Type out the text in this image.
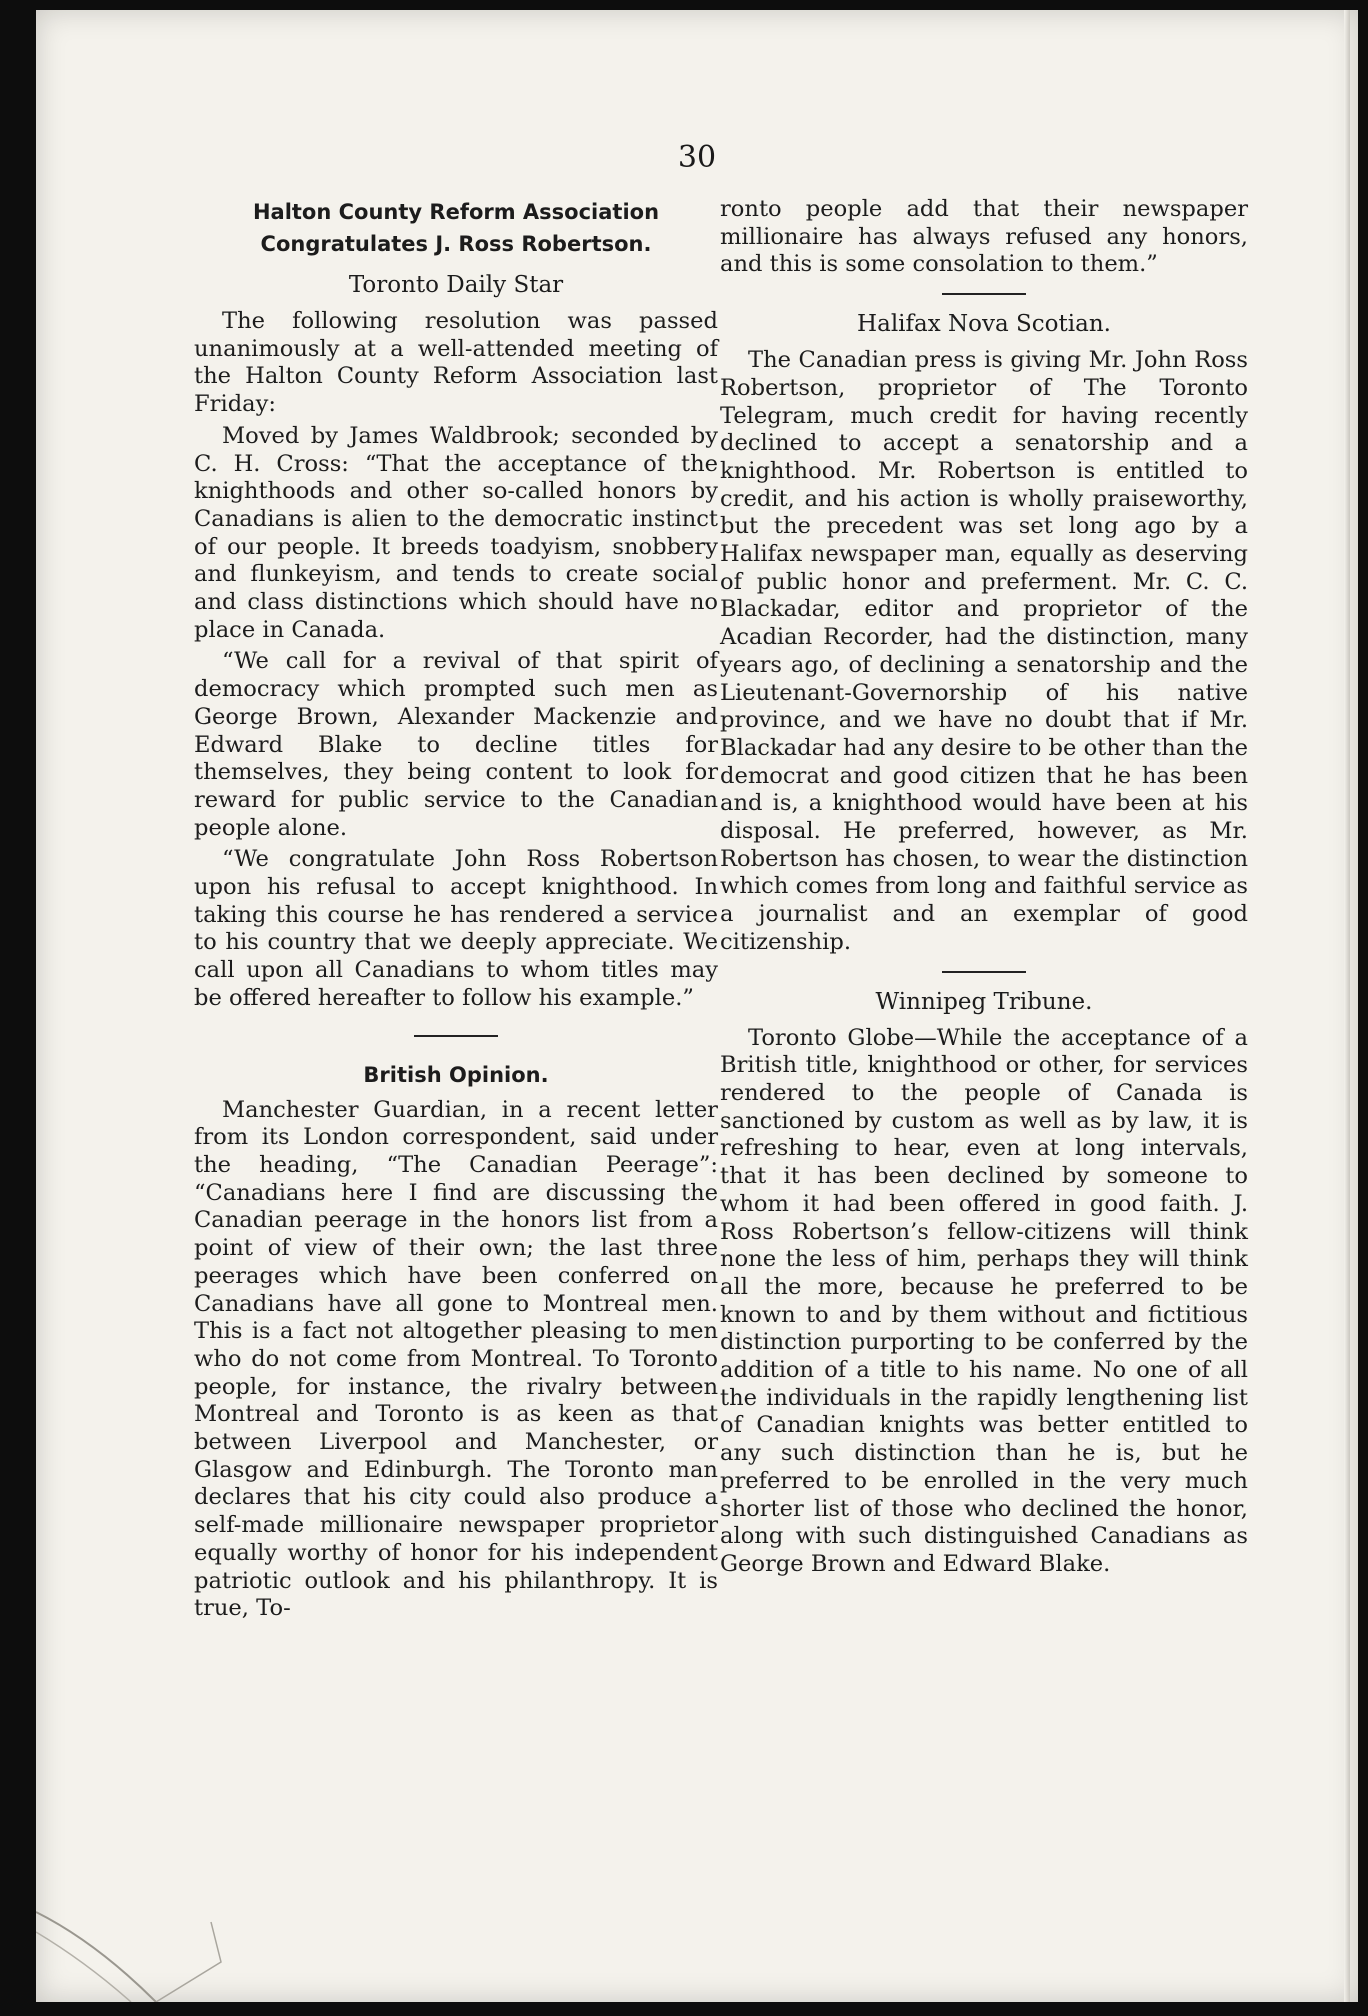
30
Halton County Reform Association
Congratulates J. Ross Robertson.
Toronto Daily Star

The following resolution was passed unanimously at a well-attended meeting of the Halton County Reform Association last Friday:

Moved by James Waldbrook; seconded by C. H. Cross: “That the acceptance of the knighthoods and other so-called honors by Canadians is alien to the democratic instinct of our people. It breeds toadyism, snobbery and flunkeyism, and tends to create social and class distinctions which should have no place in Canada.

“We call for a revival of that spirit of democracy which prompted such men as George Brown, Alexander Mackenzie and Edward Blake to decline titles for themselves, they being content to look for reward for public service to the Canadian people alone.

“We congratulate John Ross Robertson upon his refusal to accept knighthood. In taking this course he has rendered a service to his country that we deeply appreciate. We call upon all Canadians to whom titles may be offered hereafter to follow his example.”

British Opinion.

Manchester Guardian, in a recent letter from its London correspondent, said under the heading, “The Canadian Peerage”: “Canadians here I find are discussing the Canadian peerage in the honors list from a point of view of their own; the last three peerages which have been conferred on Canadians have all gone to Montreal men. This is a fact not altogether pleasing to men who do not come from Montreal. To Toronto people, for instance, the rivalry between Montreal and Toronto is as keen as that between Liverpool and Manchester, or Glasgow and Edinburgh. The Toronto man declares that his city could also produce a self-made millionaire newspaper proprietor equally worthy of honor for his independent patriotic outlook and his philanthropy. It is true, To-

ronto people add that their newspaper millionaire has always refused any honors, and this is some consolation to them.”

Halifax Nova Scotian.

The Canadian press is giving Mr. John Ross Robertson, proprietor of The Toronto Telegram, much credit for having recently declined to accept a senatorship and a knighthood. Mr. Robertson is entitled to credit, and his action is wholly praiseworthy, but the precedent was set long ago by a Halifax newspaper man, equally as deserving of public honor and preferment. Mr. C. C. Blackadar, editor and proprietor of the Acadian Recorder, had the distinction, many years ago, of declining a senatorship and the Lieutenant-Governorship of his native province, and we have no doubt that if Mr. Blackadar had any desire to be other than the democrat and good citizen that he has been and is, a knighthood would have been at his disposal. He preferred, however, as Mr. Robertson has chosen, to wear the distinction which comes from long and faithful service as a journalist and an exemplar of good citizenship.

Winnipeg Tribune.

Toronto Globe—While the acceptance of a British title, knighthood or other, for services rendered to the people of Canada is sanctioned by custom as well as by law, it is refreshing to hear, even at long intervals, that it has been declined by someone to whom it had been offered in good faith. J. Ross Robertson’s fellow-citizens will think none the less of him, perhaps they will think all the more, because he preferred to be known to and by them without and fictitious distinction purporting to be conferred by the addition of a title to his name. No one of all the individuals in the rapidly lengthening list of Canadian knights was better entitled to any such distinction than he is, but he preferred to be enrolled in the very much shorter list of those who declined the honor, along with such distinguished Canadians as George Brown and Edward Blake.
